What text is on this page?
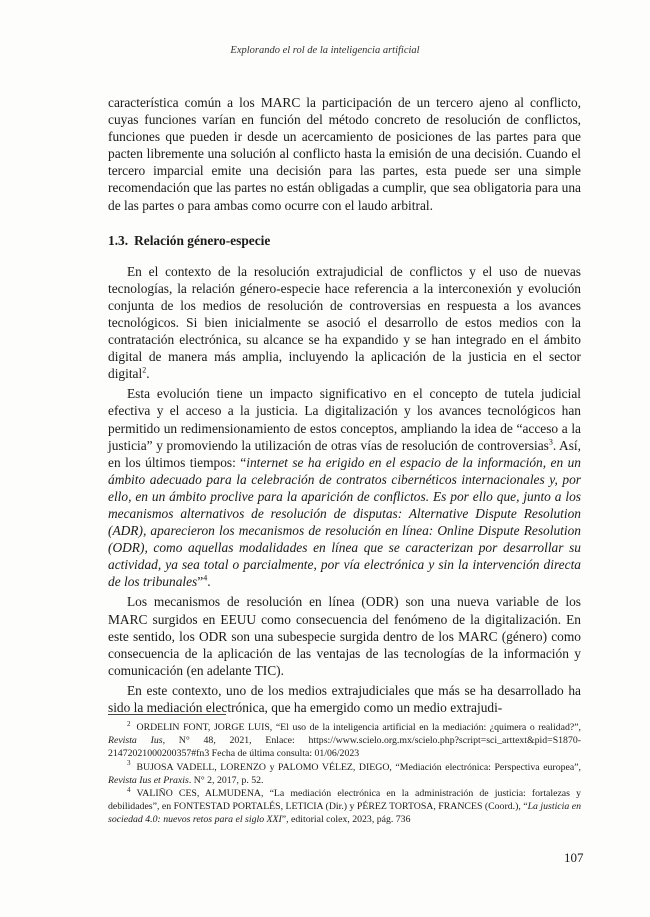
Explorando el rol de la inteligencia artificial

característica común a los MARC la participación de un tercero ajeno al conflicto, cuyas funciones varían en función del método concreto de resolución de conflictos, funciones que pueden ir desde un acercamiento de posiciones de las partes para que pacten libremente una solución al conflicto hasta la emisión de una decisión. Cuando el tercero imparcial emite una decisión para las partes, esta puede ser una simple recomendación que las partes no están obligadas a cumplir, que sea obligatoria para una de las partes o para ambas como ocurre con el laudo arbitral.

1.3. Relación género-especie

En el contexto de la resolución extrajudicial de conflictos y el uso de nuevas tecnologías, la relación género-especie hace referencia a la interconexión y evolución conjunta de los medios de resolución de controversias en respuesta a los avances tecnológicos. Si bien inicialmente se asoció el desarrollo de estos medios con la contratación electrónica, su alcance se ha expandido y se han integrado en el ámbito digital de manera más amplia, incluyendo la aplicación de la justicia en el sector digital$^2$.

Esta evolución tiene un impacto significativo en el concepto de tutela judicial efectiva y el acceso a la justicia. La digitalización y los avances tecnológicos han permitido un redimensionamiento de estos conceptos, ampliando la idea de “acceso a la justicia” y promoviendo la utilización de otras vías de resolución de controversias$^3$. Así, en los últimos tiempos: “internet se ha erigido en el espacio de la información, en un ámbito adecuado para la celebración de contratos cibernéticos internacionales y, por ello, en un ámbito proclive para la aparición de conflictos. Es por ello que, junto a los mecanismos alternativos de resolución de disputas: Alternative Dispute Resolution (ADR), aparecieron los mecanismos de resolución en línea: Online Dispute Resolution (ODR), como aquellas modalidades en línea que se caracterizan por desarrollar su actividad, ya sea total o parcialmente, por vía electrónica y sin la intervención directa de los tribunales”$^4$.

Los mecanismos de resolución en línea (ODR) son una nueva variable de los MARC surgidos en EEUU como consecuencia del fenómeno de la digitalización. En este sentido, los ODR son una subespecie surgida dentro de los MARC (género) como consecuencia de la aplicación de las ventajas de las tecnologías de la información y comunicación (en adelante TIC).

En este contexto, uno de los medios extrajudiciales que más se ha desarrollado ha sido la mediación electrónica, que ha emergido como un medio extrajudi-

$^2$ ORDELIN FONT, JORGE LUIS, “El uso de la inteligencia artificial en la mediación: ¿quimera o realidad?”, Revista Ius, N° 48, 2021, Enlace: https://www.scielo.org.mx/scielo.php?script=sci_arttext&pid=S1870-21472021000200357#fn3 Fecha de última consulta: 01/06/2023

$^3$ BUJOSA VADELL, LORENZO y PALOMO VÉLEZ, DIEGO, “Mediación electrónica: Perspectiva europea”, Revista Ius et Praxis. N° 2, 2017, p. 52.

$^4$ VALIÑO CES, ALMUDENA, “La mediación electrónica en la administración de justicia: fortalezas y debilidades”, en FONTESTAD PORTALÉS, LETICIA (Dir.) y PÉREZ TORTOSA, FRANCES (Coord.), “La justicia en sociedad 4.0: nuevos retos para el siglo XXI”, editorial colex, 2023, pág. 736

107
